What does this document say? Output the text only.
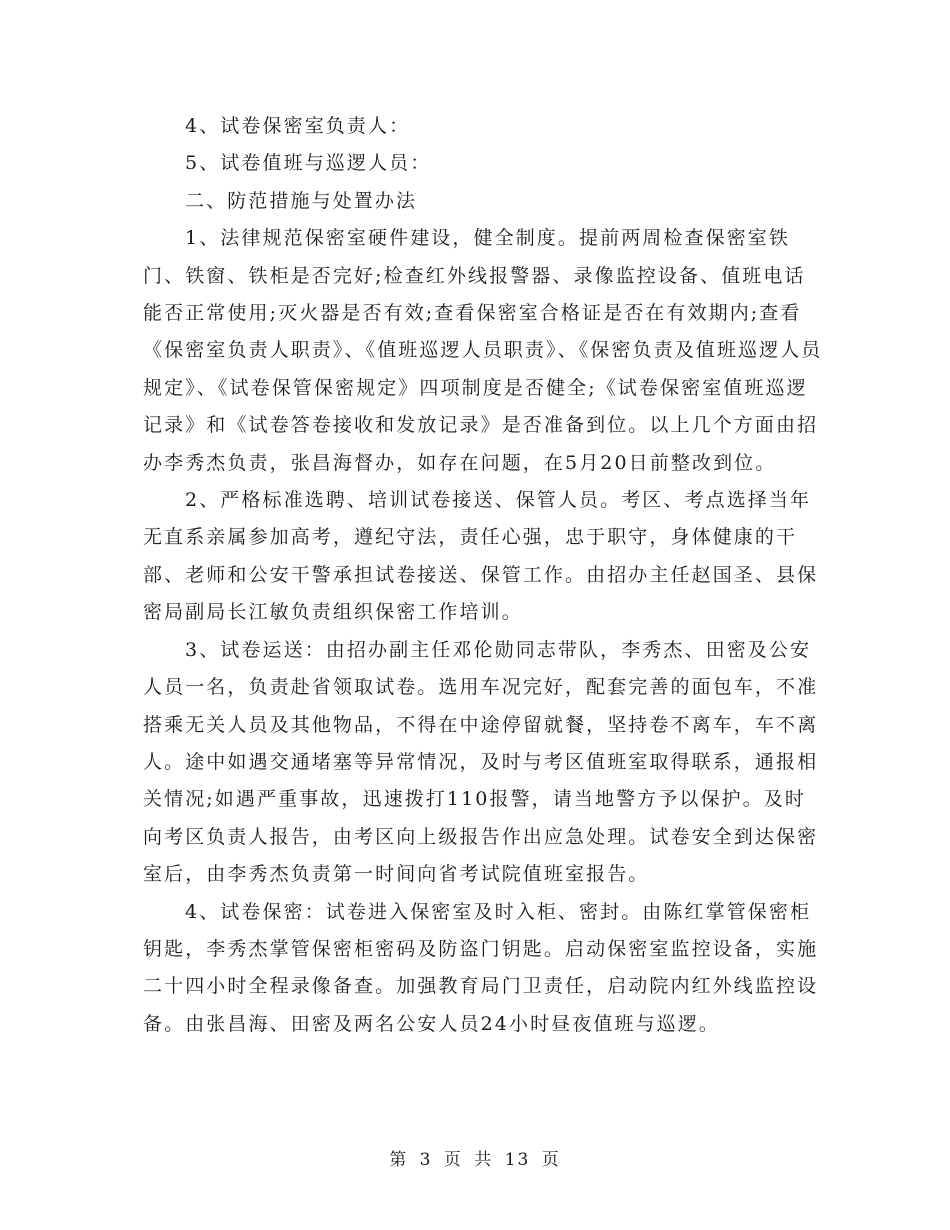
4、试卷保密室负责人：

5、试卷值班与巡逻人员：

二、防范措施与处置办法

1、法律规范保密室硬件建设，健全制度。提前两周检查保密室铁门、铁窗、铁柜是否完好;检查红外线报警器、录像监控设备、值班电话能否正常使用;灭火器是否有效;查看保密室合格证是否在有效期内;查看《保密室负责人职责》、《值班巡逻人员职责》、《保密负责及值班巡逻人员规定》、《试卷保管保密规定》四项制度是否健全;《试卷保密室值班巡逻记录》和《试卷答卷接收和发放记录》是否准备到位。以上几个方面由招办李秀杰负责，张昌海督办，如存在问题，在5月20日前整改到位。

2、严格标准选聘、培训试卷接送、保管人员。考区、考点选择当年无直系亲属参加高考，遵纪守法，责任心强，忠于职守，身体健康的干部、老师和公安干警承担试卷接送、保管工作。由招办主任赵国圣、县保密局副局长江敏负责组织保密工作培训。

3、试卷运送：由招办副主任邓伦勋同志带队，李秀杰、田密及公安人员一名，负责赴省领取试卷。选用车况完好，配套完善的面包车，不准搭乘无关人员及其他物品，不得在中途停留就餐，坚持卷不离车，车不离人。途中如遇交通堵塞等异常情况，及时与考区值班室取得联系，通报相关情况;如遇严重事故，迅速拨打110报警，请当地警方予以保护。及时向考区负责人报告，由考区向上级报告作出应急处理。试卷安全到达保密室后，由李秀杰负责第一时间向省考试院值班室报告。

4、试卷保密：试卷进入保密室及时入柜、密封。由陈红掌管保密柜钥匙，李秀杰掌管保密柜密码及防盗门钥匙。启动保密室监控设备，实施二十四小时全程录像备查。加强教育局门卫责任，启动院内红外线监控设备。由张昌海、田密及两名公安人员24小时昼夜值班与巡逻。

第 3 页 共 13 页
